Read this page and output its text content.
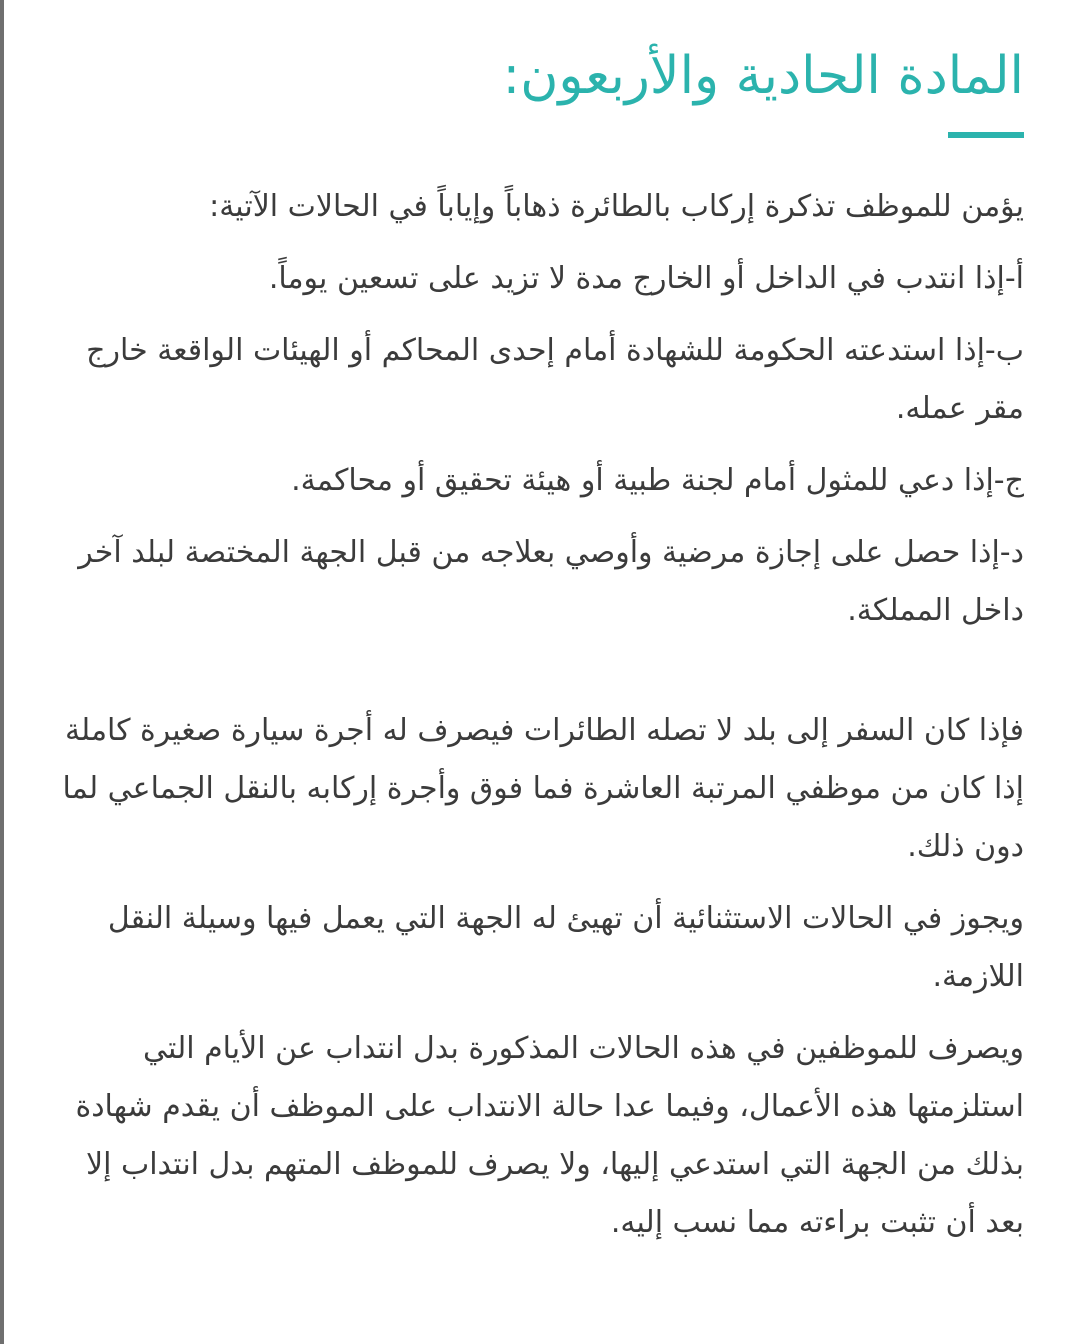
المادة الحادية والأربعون:

يؤمن للموظف تذكرة إركاب بالطائرة ذهاباً وإياباً في الحالات الآتية:

أ-إذا انتدب في الداخل أو الخارج مدة لا تزيد على تسعين يوماً.

ب-إذا استدعته الحكومة للشهادة أمام إحدى المحاكم أو الهيئات الواقعة خارج مقر عمله.

ج-إذا دعي للمثول أمام لجنة طبية أو هيئة تحقيق أو محاكمة.

د-إذا حصل على إجازة مرضية وأوصي بعلاجه من قبل الجهة المختصة لبلد آخر داخل المملكة.

فإذا كان السفر إلى بلد لا تصله الطائرات فيصرف له أجرة سيارة صغيرة كاملة إذا كان من موظفي المرتبة العاشرة فما فوق وأجرة إركابه بالنقل الجماعي لما دون ذلك.

ويجوز في الحالات الاستثنائية أن تهيئ له الجهة التي يعمل فيها وسيلة النقل اللازمة.

ويصرف للموظفين في هذه الحالات المذكورة بدل انتداب عن الأيام التي استلزمتها هذه الأعمال، وفيما عدا حالة الانتداب على الموظف أن يقدم شهادة بذلك من الجهة التي استدعي إليها، ولا يصرف للموظف المتهم بدل انتداب إلا بعد أن تثبت براءته مما نسب إليه.
